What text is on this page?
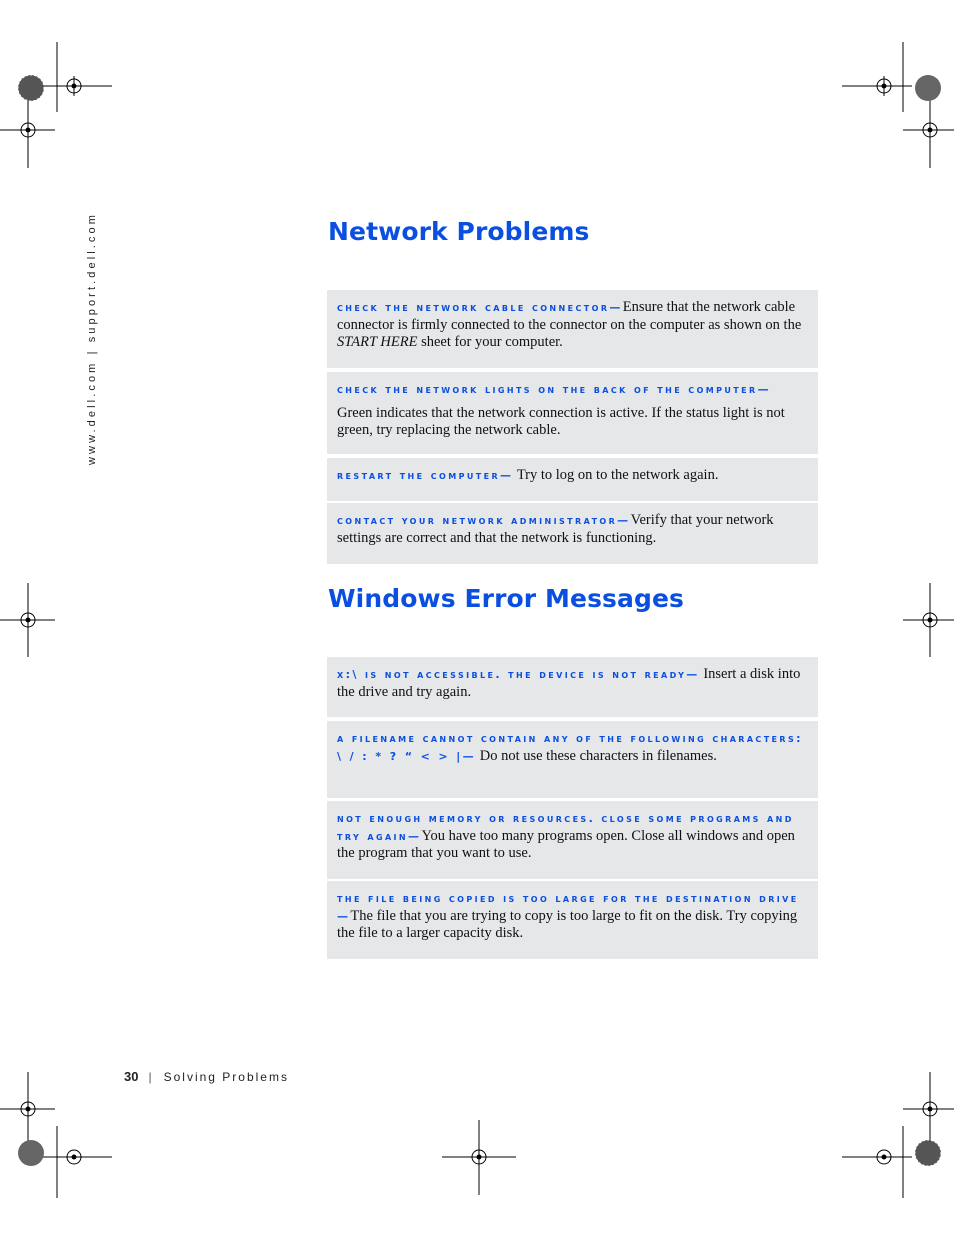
www.dell.com | support.dell.com	Network Problems

check the network cable connector—Ensure that the network cable connector is firmly connected to the connector on the computer as shown on the START HERE sheet for your computer.

check the network lights on the back of the computer—

Green indicates that the network connection is active. If the status light is not green, try replacing the network cable.

restart the computer— Try to log on to the network again.

contact your network administrator—Verify that your network settings are correct and that the network is functioning.

Windows Error Messages

x:\ is not accessible. the device is not ready— Insert a disk into the drive and try again.

a filename cannot contain any of the following characters: \ / : * ? “ < > |— Do not use these characters in filenames.

not enough memory or resources. close some programs and try again—You have too many programs open. Close all windows and open the program that you want to use.

the file being copied is too large for the destination drive—The file that you are trying to copy is too large to fit on the disk. Try copying the file to a larger capacity disk.

30 | Solving Problems
